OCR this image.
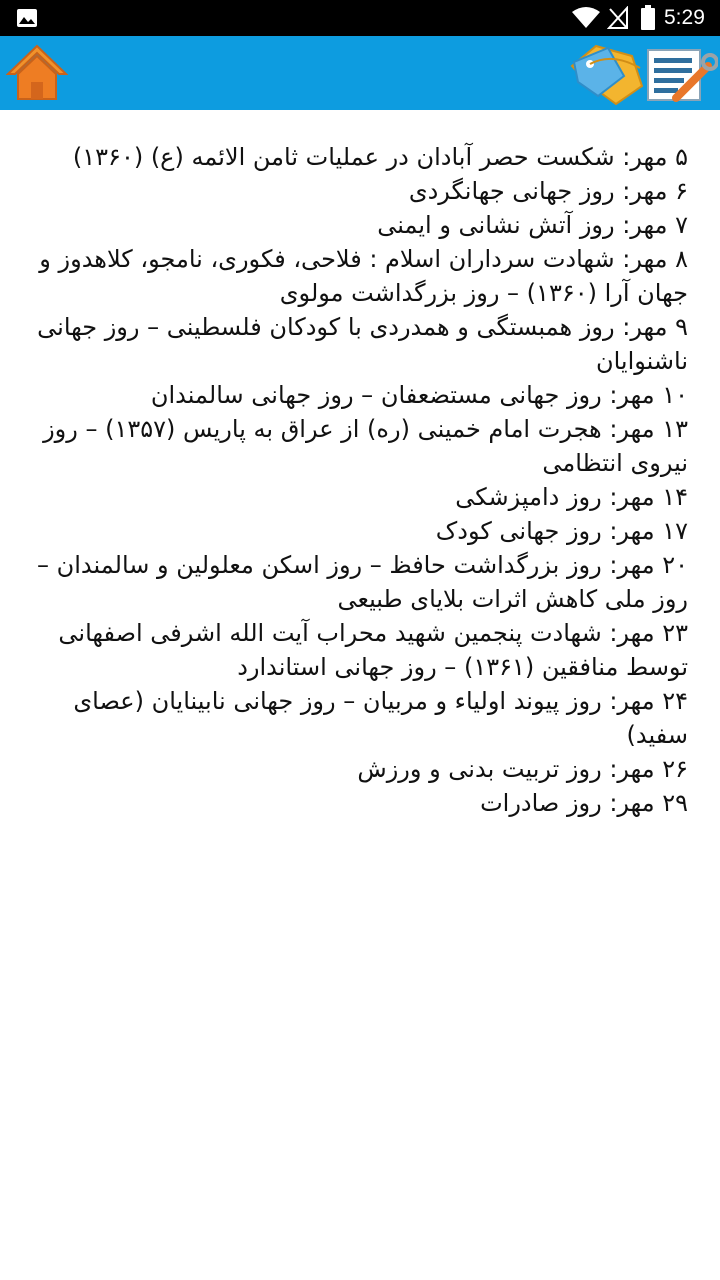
5:29

۵ مهر: شکست حصر آبادان در عملیات ثامن الائمه (ع) (۱۳۶۰)

۶ مهر: روز جهانی جهانگردی

۷ مهر: روز آتش نشانی و ایمنی

۸ مهر: شهادت سرداران اسلام : فلاحی، فکوری، نامجو، کلاهدوز و جهان آرا (۱۳۶۰) – روز بزرگداشت مولوی

۹ مهر: روز همبستگی و همدردی با کودکان فلسطینی – روز جهانی ناشنوایان

۱۰ مهر: روز جهانی مستضعفان – روز جهانی سالمندان

۱۳ مهر: هجرت امام خمینی (ره) از عراق به پاریس (۱۳۵۷) – روز نیروی انتظامی

۱۴ مهر: روز دامپزشکی

۱۷ مهر: روز جهانی کودک

۲۰ مهر: روز بزرگداشت حافظ – روز اسکن معلولین و سالمندان – روز ملی کاهش اثرات بلایای طبیعی

۲۳ مهر: شهادت پنجمین شهید محراب آیت الله اشرفی اصفهانی توسط منافقین (۱۳۶۱) – روز جهانی استاندارد

۲۴ مهر: روز پیوند اولیاء و مربیان – روز جهانی نابینایان (عصای سفید)

۲۶ مهر: روز تربیت بدنی و ورزش

۲۹ مهر: روز صادرات
